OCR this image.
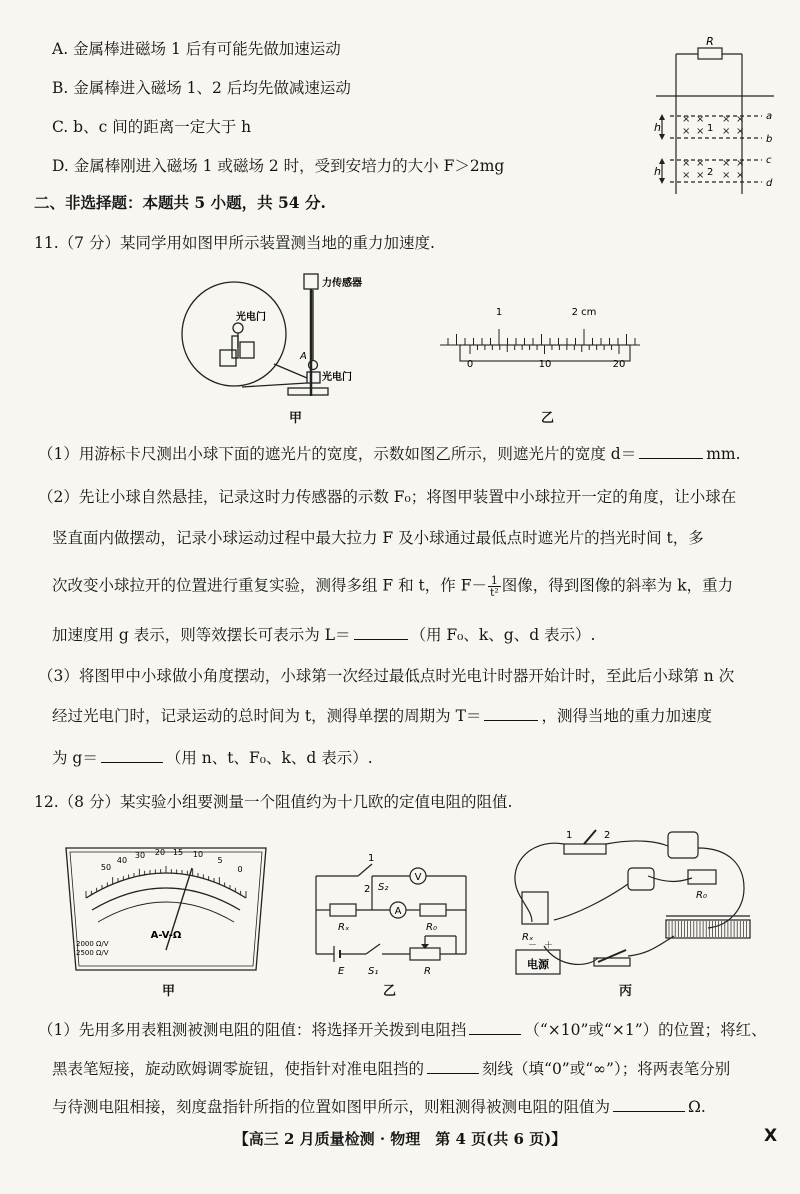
A. 金属棒进磁场 1 后有可能先做加速运动
B. 金属棒进入磁场 1、2 后均先做减速运动
C. b、c 间的距离一定大于 h
D. 金属棒刚进入磁场 1 或磁场 2 时，受到安培力的大小 F＞2mg
R
h
h
× × × ×
× × × ×
× × × ×
× × × ×
1
2
a
b
c
d
二、非选择题：本题共 5 小题，共 54 分.
11.（7 分）某同学用如图甲所示装置测当地的重力加速度.
力传感器
光电门
光电门
A
甲
1	2 cm
0	10	20
乙
（1）用游标卡尺测出小球下面的遮光片的宽度，示数如图乙所示，则遮光片的宽度 d＝	mm.
（2）先让小球自然悬挂，记录这时力传感器的示数 F₀；将图甲装置中小球拉开一定的角度，让小球在
竖直面内做摆动，记录小球运动过程中最大拉力 F 及小球通过最低点时遮光片的挡光时间 t，多
次改变小球拉开的位置进行重复实验，测得多组 F 和 t，作 $F- \frac{1}{\text{t²}}$ 图像，得到图像的斜率为 k，重力
加速度用 g 表示，则等效摆长可表示为 L＝	（用 F₀、k、g、d 表示）.
（3）将图甲中小球做小角度摆动，小球第一次经过最低点时光电计时器开始计时，至此后小球第 n 次
经过光电门时，记录运动的总时间为 t，测得单摆的周期为 T＝	，测得当地的重力加速度
为 g＝	（用 n、t、F₀、k、d 表示）.
12.（8 分）某实验小组要测量一个阻值约为十几欧的定值电阻的阻值.
50
40
30 20 15 10
5
0
A-V-Ω
2000 Ω/V
2500 Ω/V
甲
V
A
1
2 S₂
Rₓ	R₀
E S₁	R
乙
1	2
Rₓ
R₀
电源
－ ＋
丙
（1）先用多用表粗测被测电阻的阻值：将选择开关拨到电阻挡	（“×10”或“×1”）的位置；将红、
黑表笔短接，旋动欧姆调零旋钮，使指针对准电阻挡的	刻线（填“0”或“∞”）；将两表笔分别
与待测电阻相接，刻度盘指针所指的位置如图甲所示，则粗测得被测电阻的阻值为	Ω.
【高三 2 月质量检测 · 物理　第 4 页(共 6 页)】	X
